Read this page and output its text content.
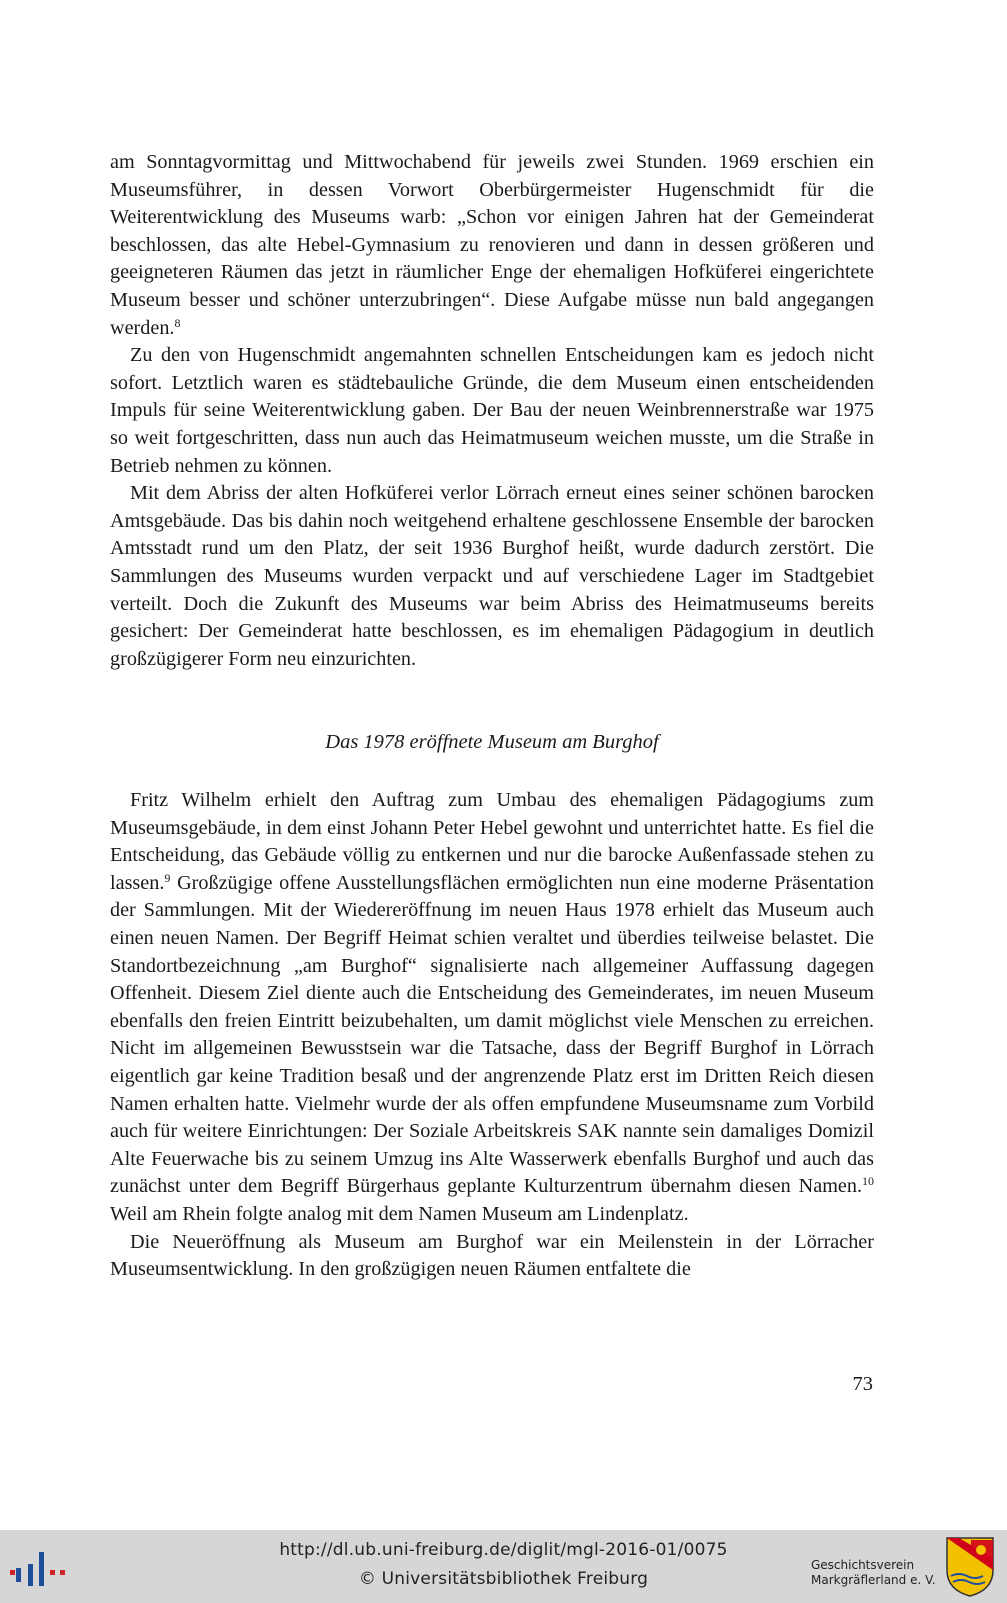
am Sonntagvormittag und Mittwochabend für jeweils zwei Stunden. 1969 erschien ein Museumsführer, in dessen Vorwort Oberbürgermeister Hugenschmidt für die Weiterentwicklung des Museums warb: „Schon vor einigen Jahren hat der Gemeinderat beschlossen, das alte Hebel-Gymnasium zu renovieren und dann in dessen größeren und geeigneteren Räumen das jetzt in räumlicher Enge der ehemaligen Hofküferei eingerichtete Museum besser und schöner unterzubringen“. Diese Aufgabe müsse nun bald angegangen werden.$^8$

Zu den von Hugenschmidt angemahnten schnellen Entscheidungen kam es jedoch nicht sofort. Letztlich waren es städtebauliche Gründe, die dem Museum einen entscheidenden Impuls für seine Weiterentwicklung gaben. Der Bau der neuen Weinbrennerstraße war 1975 so weit fortgeschritten, dass nun auch das Heimatmuseum weichen musste, um die Straße in Betrieb nehmen zu können.

Mit dem Abriss der alten Hofküferei verlor Lörrach erneut eines seiner schönen barocken Amtsgebäude. Das bis dahin noch weitgehend erhaltene geschlossene Ensemble der barocken Amtsstadt rund um den Platz, der seit 1936 Burghof heißt, wurde dadurch zerstört. Die Sammlungen des Museums wurden verpackt und auf verschiedene Lager im Stadtgebiet verteilt. Doch die Zukunft des Museums war beim Abriss des Heimatmuseums bereits gesichert: Der Gemeinderat hatte beschlossen, es im ehemaligen Pädagogium in deutlich großzügigerer Form neu einzurichten.

Das 1978 eröffnete Museum am Burghof

Fritz Wilhelm erhielt den Auftrag zum Umbau des ehemaligen Pädagogiums zum Museumsgebäude, in dem einst Johann Peter Hebel gewohnt und unterrichtet hatte. Es fiel die Entscheidung, das Gebäude völlig zu entkernen und nur die barocke Außenfassade stehen zu lassen.$^9$ Großzügige offene Ausstellungsflächen ermöglichten nun eine moderne Präsentation der Sammlungen. Mit der Wiedereröffnung im neuen Haus 1978 erhielt das Museum auch einen neuen Namen. Der Begriff Heimat schien veraltet und überdies teilweise belastet. Die Standortbezeichnung „am Burghof“ signalisierte nach allgemeiner Auffassung dagegen Offenheit. Diesem Ziel diente auch die Entscheidung des Gemeinderates, im neuen Museum ebenfalls den freien Eintritt beizubehalten, um damit möglichst viele Menschen zu erreichen. Nicht im allgemeinen Bewusstsein war die Tatsache, dass der Begriff Burghof in Lörrach eigentlich gar keine Tradition besaß und der angrenzende Platz erst im Dritten Reich diesen Namen erhalten hatte. Vielmehr wurde der als offen empfundene Museumsname zum Vorbild auch für weitere Einrichtungen: Der Soziale Arbeitskreis SAK nannte sein damaliges Domizil Alte Feuerwache bis zu seinem Umzug ins Alte Wasserwerk ebenfalls Burghof und auch das zunächst unter dem Begriff Bürgerhaus geplante Kulturzentrum übernahm diesen Namen.$^{10}$ Weil am Rhein folgte analog mit dem Namen Museum am Lindenplatz.

Die Neueröffnung als Museum am Burghof war ein Meilenstein in der Lörracher Museumsentwicklung. In den großzügigen neuen Räumen entfaltete die

73
http://dl.ub.uni-freiburg.de/diglit/mgl-2016-01/0075
© Universitätsbibliothek Freiburg
Geschichtsverein
Markgräflerland e. V.
